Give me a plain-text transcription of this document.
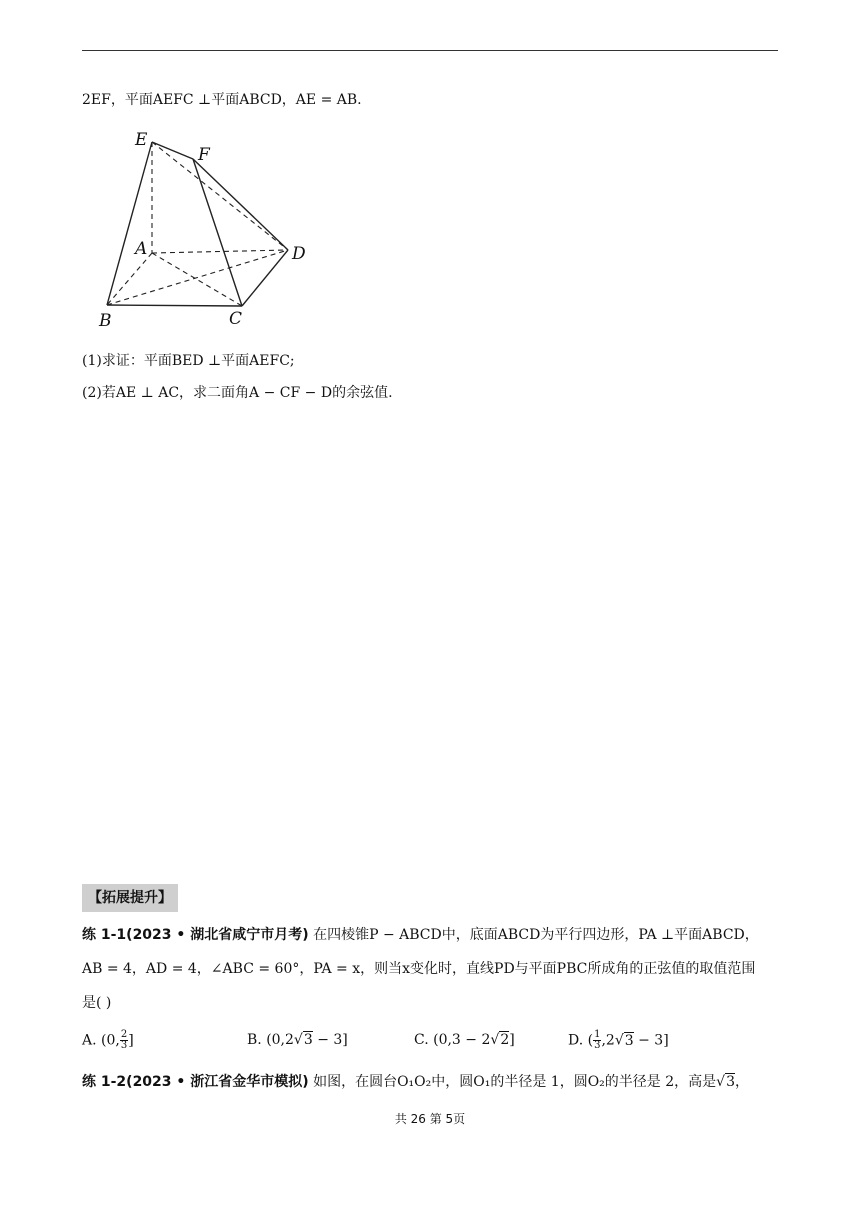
2EF，平面AEFC ⊥平面ABCD，AE = AB.
E
F
A	D
B	C
(1)求证：平面BED ⊥平面AEFC;
(2)若AE ⊥ AC，求二面角A − CF − D的余弦值.
【拓展提升】
练 1-1(2023 • 湖北省咸宁市月考) 在四棱锥P − ABCD中，底面ABCD为平行四边形，PA ⊥平面ABCD，
AB = 4，AD = 4，∠ABC = 60°，PA = x，则当x变化时，直线PD与平面PBC所成角的正弦值的取值范围
是( )
A. (0, $\frac{2}{3}$ ]	B. (0,2√3 − 3]	C. (0,3 − 2√2]	D. ( $\frac{1}{3} ,2√3 - 3$]
练 1-2(2023 • 浙江省金华市模拟) 如图，在圆台O₁O₂中，圆O₁的半径是 1，圆O₂的半径是 2，高是√3，
共 26 第 5页
